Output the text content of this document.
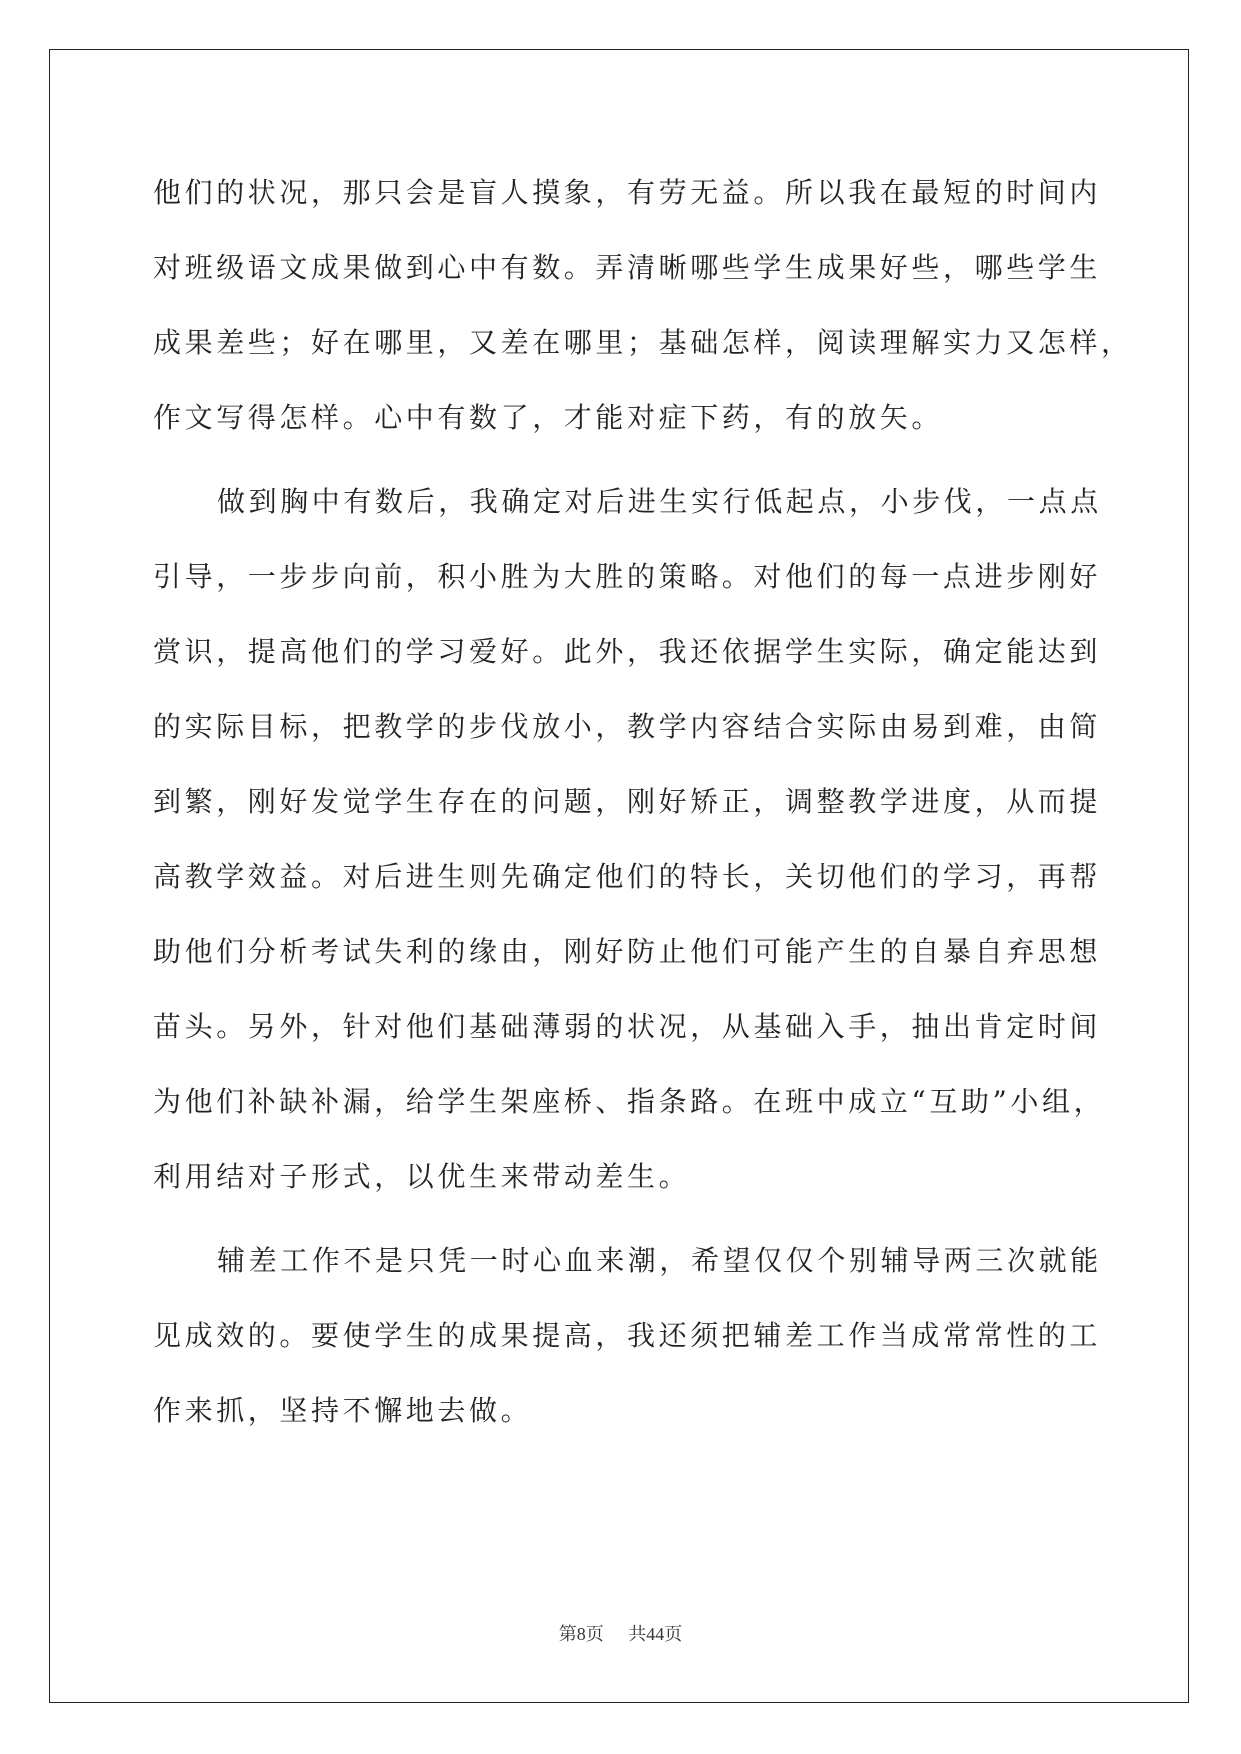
他们的状况，那只会是盲人摸象，有劳无益。所以我在最短的时间内

对班级语文成果做到心中有数。弄清晰哪些学生成果好些，哪些学生

成果差些；好在哪里，又差在哪里；基础怎样，阅读理解实力又怎样，

作文写得怎样。心中有数了，才能对症下药，有的放矢。

做到胸中有数后，我确定对后进生实行低起点，小步伐，一点点

引导，一步步向前，积小胜为大胜的策略。对他们的每一点进步刚好

赏识，提高他们的学习爱好。此外，我还依据学生实际，确定能达到

的实际目标，把教学的步伐放小，教学内容结合实际由易到难，由简

到繁，刚好发觉学生存在的问题，刚好矫正，调整教学进度，从而提

高教学效益。对后进生则先确定他们的特长，关切他们的学习，再帮

助他们分析考试失利的缘由，刚好防止他们可能产生的自暴自弃思想

苗头。另外，针对他们基础薄弱的状况，从基础入手，抽出肯定时间

为他们补缺补漏，给学生架座桥、指条路。在班中成立“互助”小组，

利用结对子形式，以优生来带动差生。

辅差工作不是只凭一时心血来潮，希望仅仅个别辅导两三次就能

见成效的。要使学生的成果提高，我还须把辅差工作当成常常性的工

作来抓，坚持不懈地去做。

第8页 共44页
